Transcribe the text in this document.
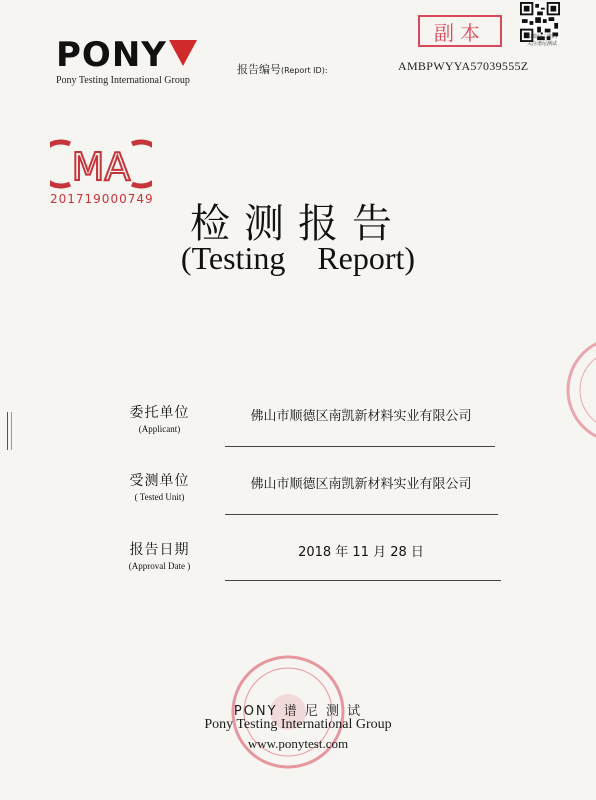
PONY
Pony Testing International Group
报告编号(Report ID):	AMBPWYYA57039555Z
副本	扫微信二维码
关注谱尼测试
MA
201719000749
检测报告
(Testing Report)
委托单位
(Applicant)
佛山市顺德区南凯新材料实业有限公司
受测单位
( Tested Unit)
佛山市顺德区南凯新材料实业有限公司
报告日期
(Approval Date )
2018 年 11 月 28 日
PONY 谱 尼 测 试
Pony Testing International Group
www.ponytest.com
